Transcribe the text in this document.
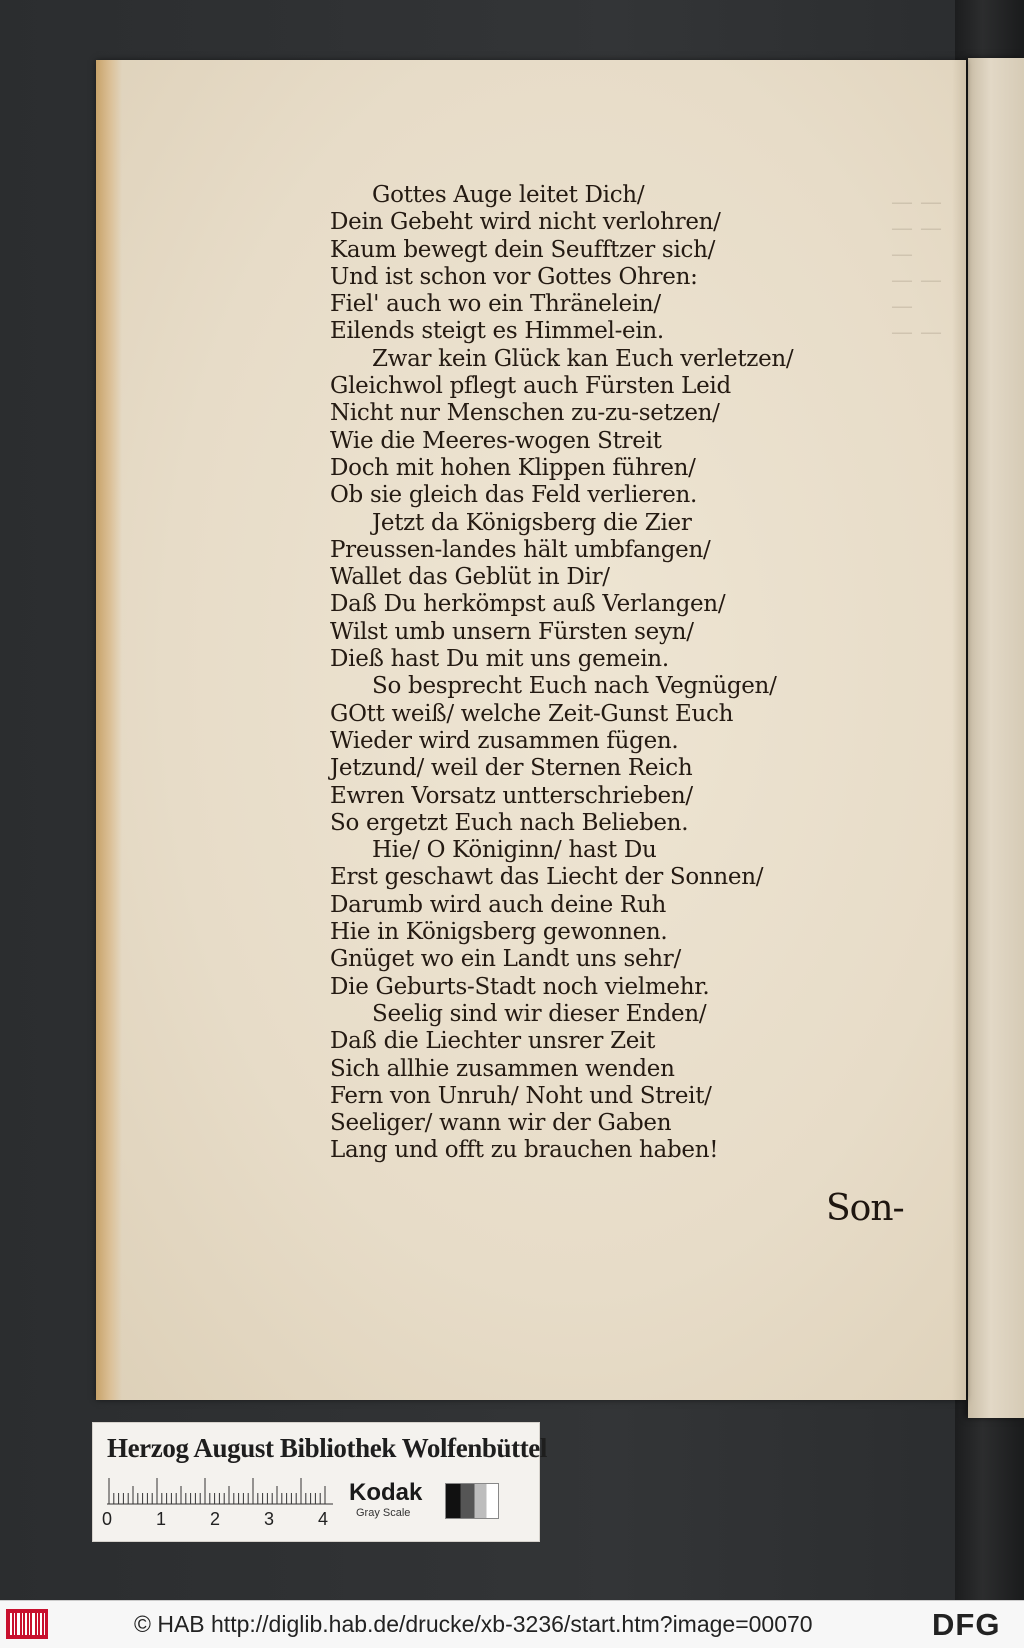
— —
— —
—
— —
—
— —
Gottes Auge leitet Dich/
Dein Gebeht wird nicht verlohren/
Kaum bewegt dein Seufftzer sich/
Und ist schon vor Gottes Ohren:
Fiel' auch wo ein Thränelein/
Eilends steigt es Himmel-ein.
Zwar kein Glück kan Euch verletzen/
Gleichwol pflegt auch Fürsten Leid
Nicht nur Menschen zu-zu-setzen/
Wie die Meeres-wogen Streit
Doch mit hohen Klippen führen/
Ob sie gleich das Feld verlieren.
Jetzt da Königsberg die Zier
Preussen-landes hält umbfangen/
Wallet das Geblüt in Dir/
Daß Du herkömpst auß Verlangen/
Wilst umb unsern Fürsten seyn/
Dieß hast Du mit uns gemein.
So besprecht Euch nach Vegnügen/
GOtt weiß/ welche Zeit-Gunst Euch
Wieder wird zusammen fügen.
Jetzund/ weil der Sternen Reich
Ewren Vorsatz untterschrieben/
So ergetzt Euch nach Belieben.
Hie/ O Königinn/ hast Du
Erst geschawt das Liecht der Sonnen/
Darumb wird auch deine Ruh
Hie in Königsberg gewonnen.
Gnüget wo ein Landt uns sehr/
Die Geburts-Stadt noch vielmehr.
Seelig sind wir dieser Enden/
Daß die Liechter unsrer Zeit
Sich allhie zusammen wenden
Fern von Unruh/ Noht und Streit/
Seeliger/ wann wir der Gaben
Lang und offt zu brauchen haben!
Son-
Herzog August Bibliothek Wolfenbüttel
0 1 2 3 4
Kodak
Gray Scale
© HAB http://diglib.hab.de/drucke/xb-3236/start.htm?image=00070	DFG
